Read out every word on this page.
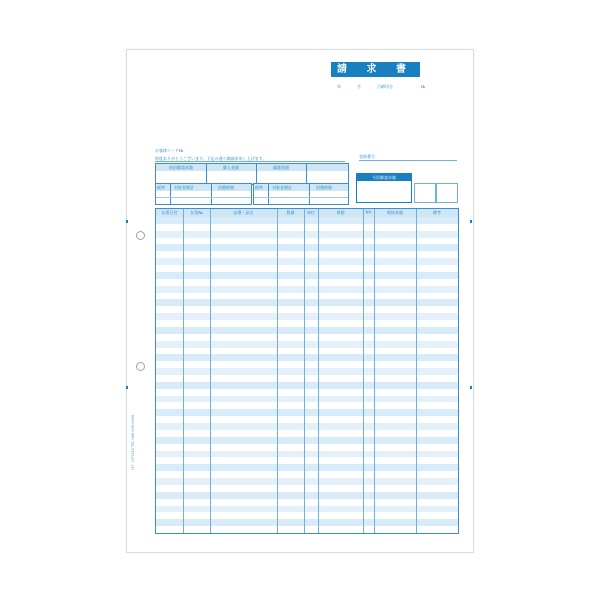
請 求 書
年	月	日 締切分	№
お客様コード№
毎度ありがとうございます。下記の通り御請求申し上げます。	登録番号
前回御請求額	御入金額	繰越金額
税率 対象金額計	消費税額	税率 対象金額計	消費税額
今回御請求額
伝票日付	伝票№	品番・品名	数量	単位	単価	税率	税抜金額	備考
ﾋｻｺﾞ OP1150 TEL 086-000-0000
